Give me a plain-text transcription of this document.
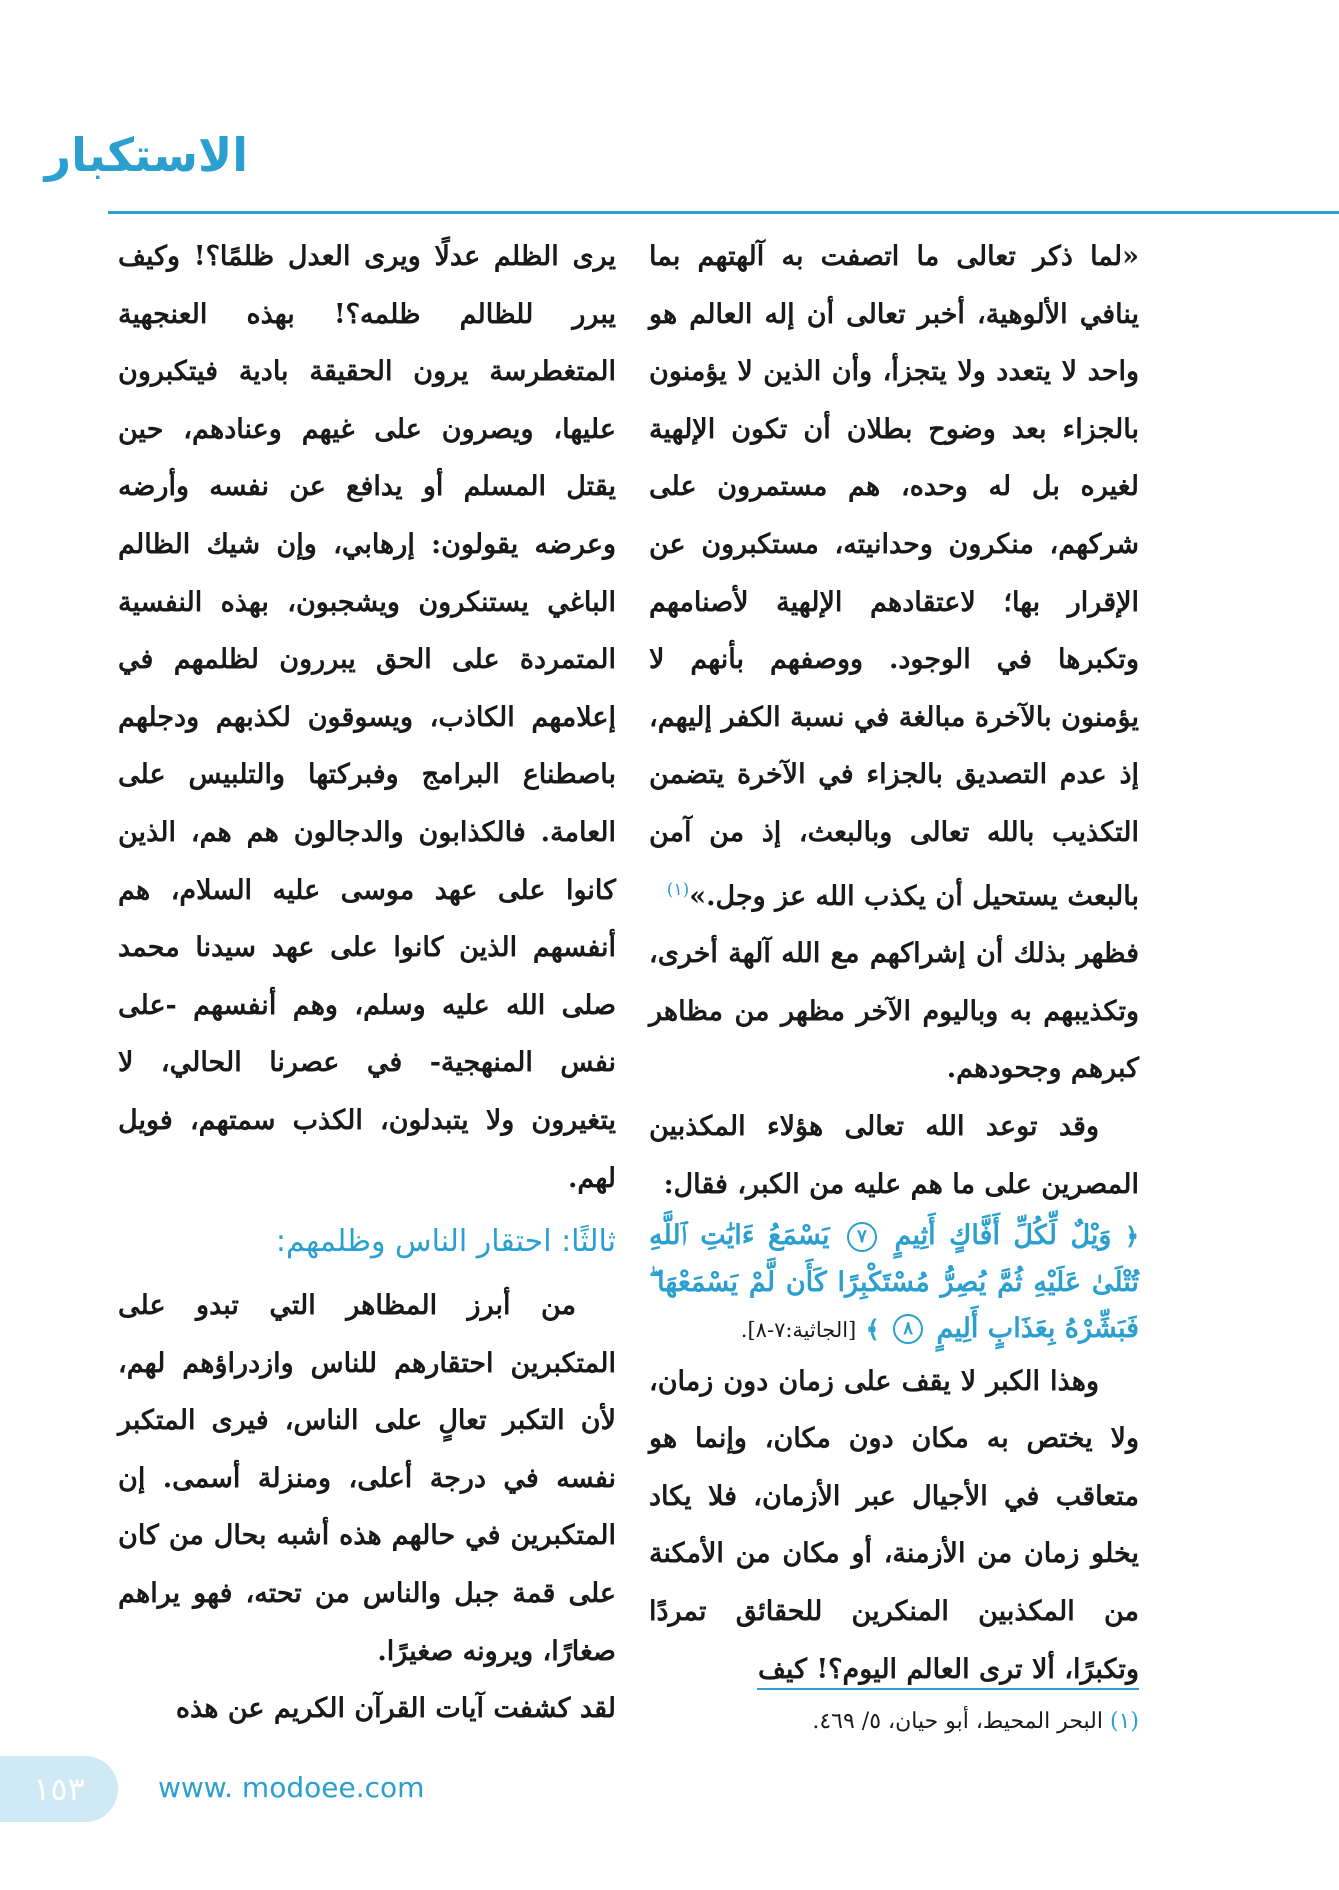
الاستكبار

«لما ذكر تعالى ما اتصفت به آلهتهم بما ينافي الألوهية، أخبر تعالى أن إله العالم هو واحد لا يتعدد ولا يتجزأ، وأن الذين لا يؤمنون بالجزاء بعد وضوح بطلان أن تكون الإلهية لغيره بل له وحده، هم مستمرون على شركهم، منكرون وحدانيته، مستكبرون عن الإقرار بها؛ لاعتقادهم الإلهية لأصنامهم وتكبرها في الوجود. ووصفهم بأنهم لا يؤمنون بالآخرة مبالغة في نسبة الكفر إليهم، إذ عدم التصديق بالجزاء في الآخرة يتضمن التكذيب بالله تعالى وبالبعث، إذ من آمن بالبعث يستحيل أن يكذب الله عز وجل.»$^{(١)}$

فظهر بذلك أن إشراكهم مع الله آلهة أخرى، وتكذيبهم به وباليوم الآخر مظهر من مظاهر كبرهم وجحودهم.

وقد توعد الله تعالى هؤلاء المكذبين المصرين على ما هم عليه من الكبر، فقال:

﴿ وَيْلٌ لِّكُلِّ أَفَّاكٍ أَثِيمٍ ٧ يَسْمَعُ ءَايَٰتِ ٱللَّهِ تُتْلَىٰ عَلَيْهِ ثُمَّ يُصِرُّ مُسْتَكْبِرًا كَأَن لَّمْ يَسْمَعْهَا ۖ فَبَشِّرْهُ بِعَذَابٍ أَلِيمٍ ٨ ﴾ [الجاثية:٧-٨].

وهذا الكبر لا يقف على زمان دون زمان، ولا يختص به مكان دون مكان، وإنما هو متعاقب في الأجيال عبر الأزمان، فلا يكاد يخلو زمان من الأزمنة، أو مكان من الأمكنة من المكذبين المنكرين للحقائق تمردًا وتكبرًا، ألا ترى العالم اليوم؟! كيف

يرى الظلم عدلًا ويرى العدل ظلمًا؟! وكيف يبرر للظالم ظلمه؟! بهذه العنجهية المتغطرسة يرون الحقيقة بادية فيتكبرون عليها، ويصرون على غيهم وعنادهم، حين يقتل المسلم أو يدافع عن نفسه وأرضه وعرضه يقولون: إرهابي، وإن شيك الظالم الباغي يستنكرون ويشجبون، بهذه النفسية المتمردة على الحق يبررون لظلمهم في إعلامهم الكاذب، ويسوقون لكذبهم ودجلهم باصطناع البرامج وفبركتها والتلبيس على العامة. فالكذابون والدجالون هم هم، الذين كانوا على عهد موسى عليه السلام، هم أنفسهم الذين كانوا على عهد سيدنا محمد صلى الله عليه وسلم، وهم أنفسهم -على نفس المنهجية- في عصرنا الحالي، لا يتغيرون ولا يتبدلون، الكذب سمتهم، فويل لهم.

ثالثًا: احتقار الناس وظلمهم:

من أبرز المظاهر التي تبدو على المتكبرين احتقارهم للناس وازدراؤهم لهم، لأن التكبر تعالٍ على الناس، فيرى المتكبر نفسه في درجة أعلى، ومنزلة أسمى. إن المتكبرين في حالهم هذه أشبه بحال من كان على قمة جبل والناس من تحته، فهو يراهم صغارًا، ويرونه صغيرًا.

لقد كشفت آيات القرآن الكريم عن هذه	(١) البحر المحيط، أبو حيان، ٥/ ٤٦٩.
١٥٣	www. modoee.com
